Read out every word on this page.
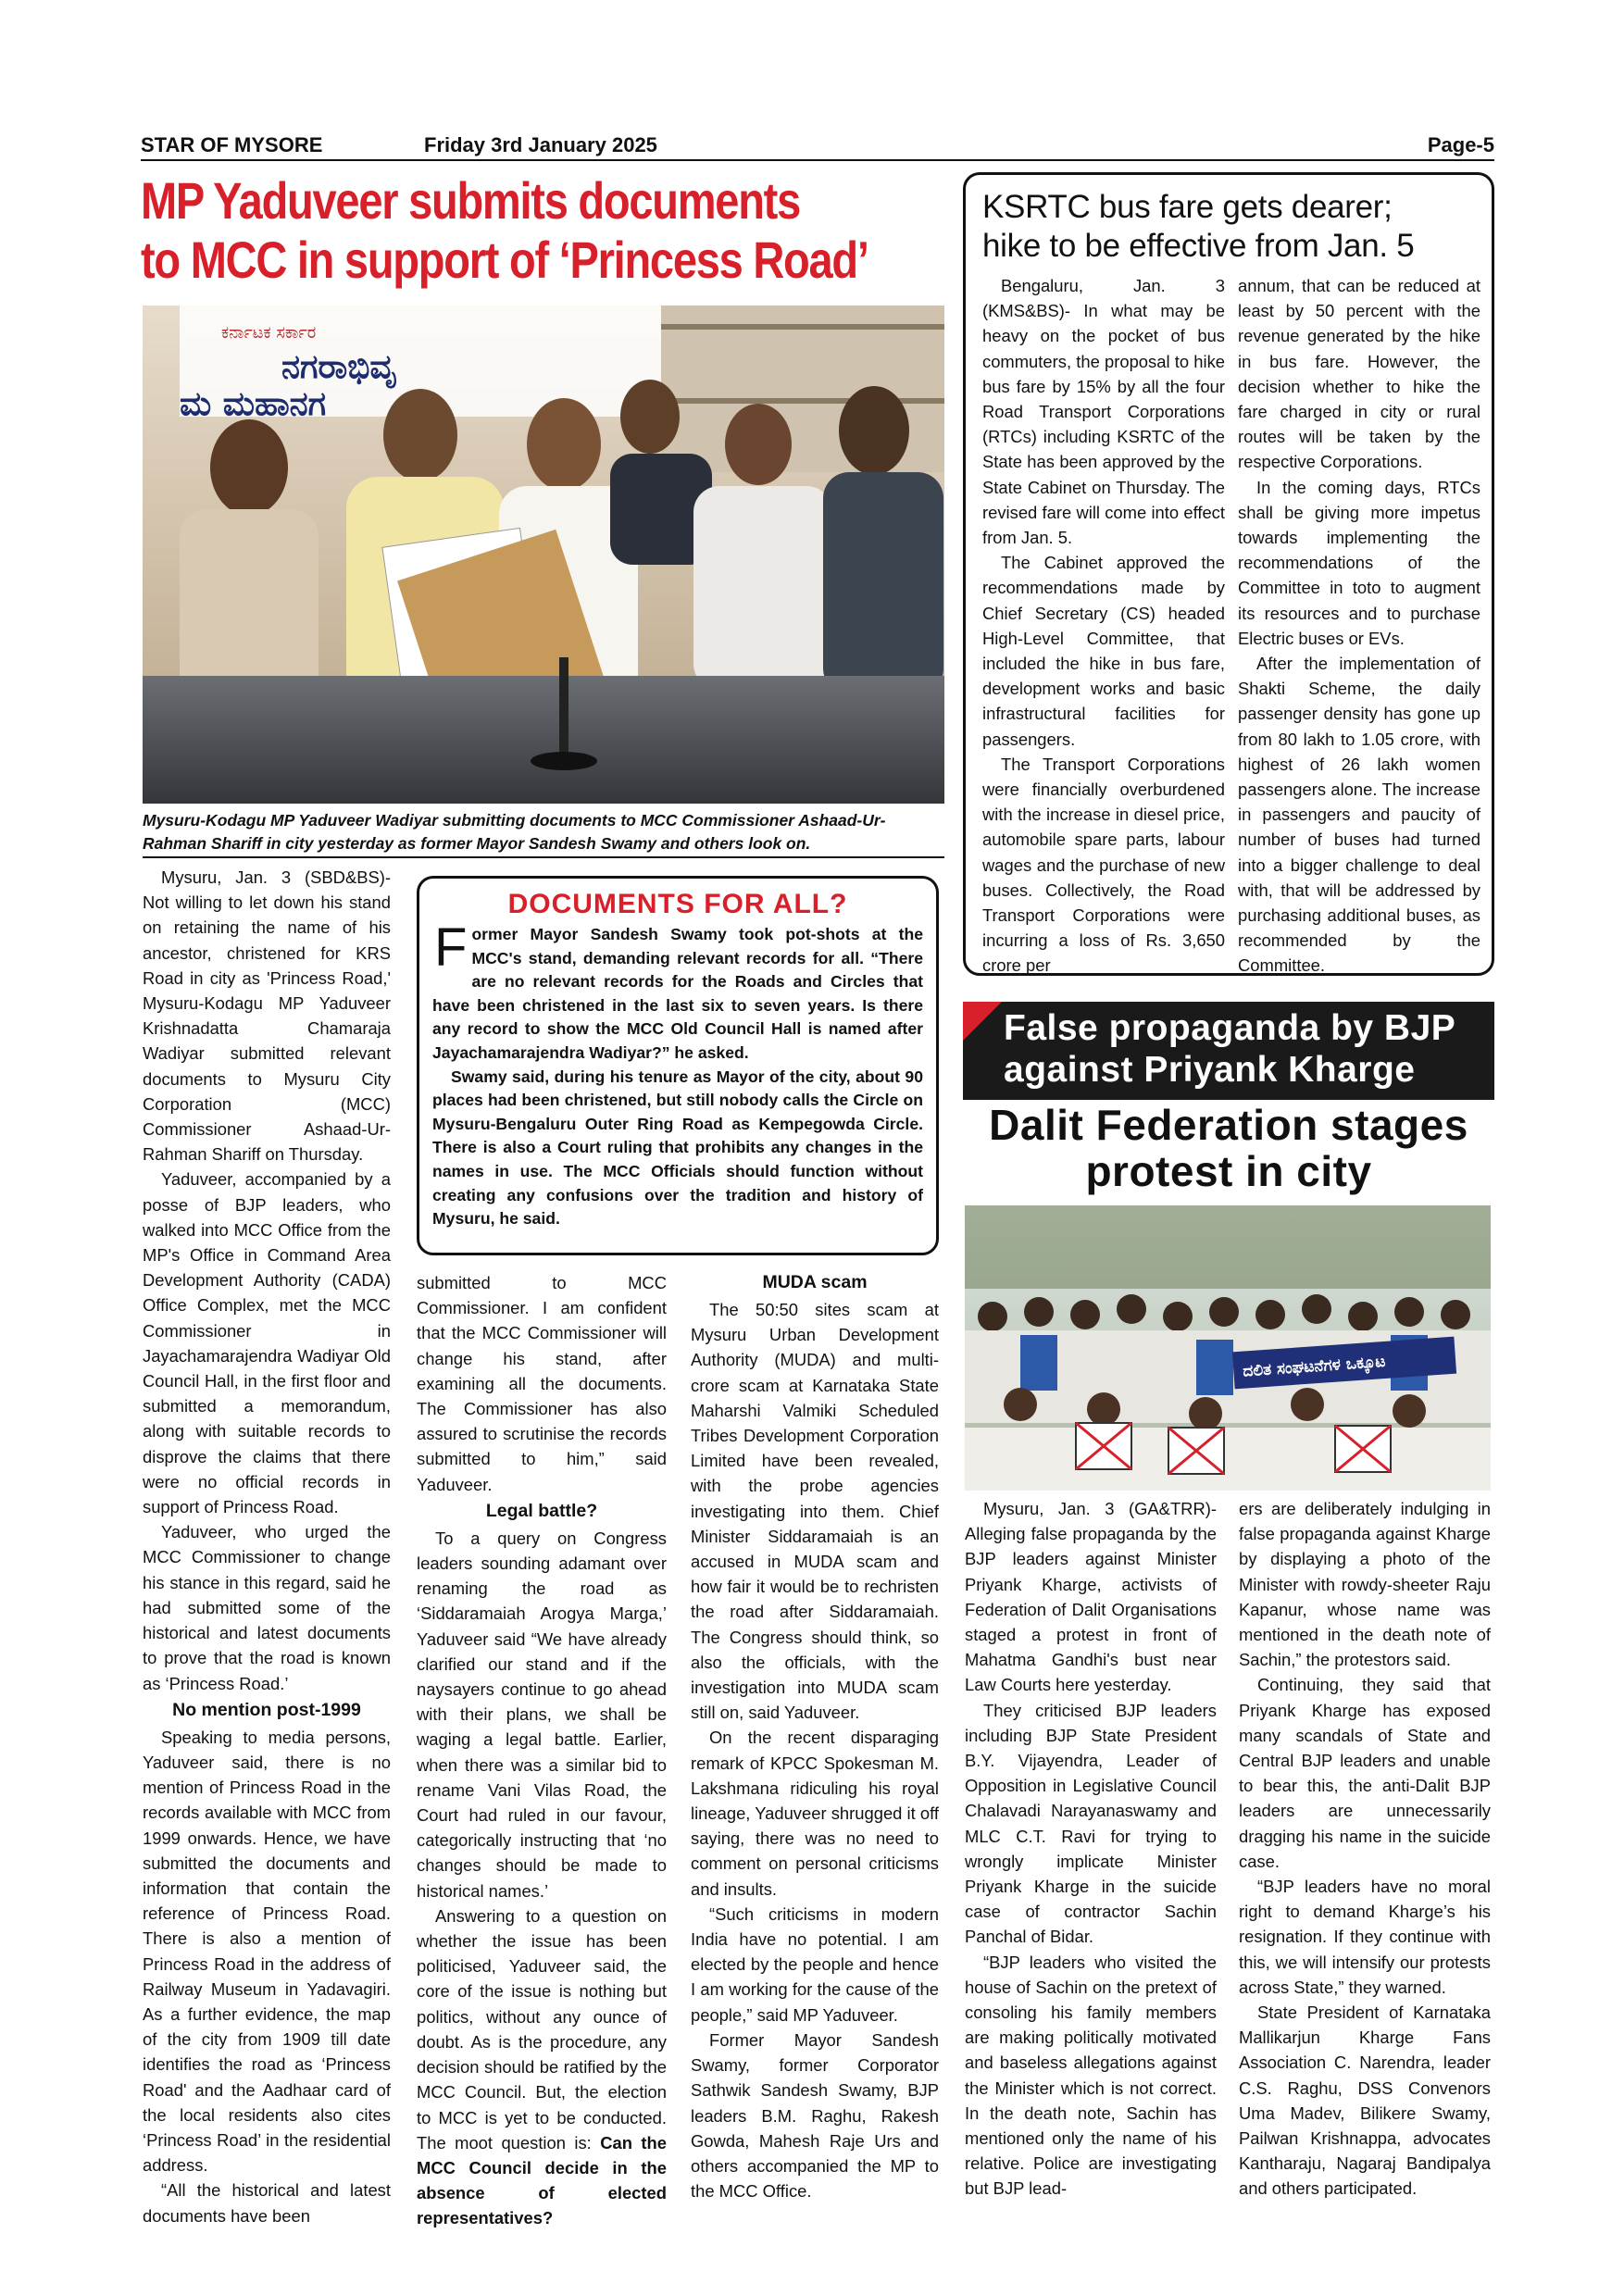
STAR OF MYSORE	Friday 3rd January 2025	Page-5
MP Yaduveer submits documents
to MCC in support of ‘Princess Road’
ಕರ್ನಾಟಕ ಸರ್ಕಾರ
ನಗರಾಭಿವೃ
ಮ ಮಹಾನಗ
Mysuru-Kodagu MP Yaduveer Wadiyar submitting documents to MCC Commissioner Ashaad-Ur-Rahman Shariff in city yesterday as former Mayor Sandesh Swamy and others look on.

Mysuru, Jan. 3 (SBD&BS)- Not willing to let down his stand on retaining the name of his ancestor, christened for KRS Road in city as 'Princess Road,' Mysuru-Kodagu MP Yaduveer Krishnadatta Chamaraja Wadiyar submitted relevant documents to Mysuru City Corporation (MCC) Commissioner Ashaad-Ur-Rahman Shariff on Thursday.

Yaduveer, accompanied by a posse of BJP leaders, who walked into MCC Office from the MP's Office in Command Area Development Authority (CADA) Office Complex, met the MCC Commissioner in Jayachamarajendra Wadiyar Old Council Hall, in the first floor and submitted a memorandum, along with suitable records to disprove the claims that there were no official records in support of Princess Road.

Yaduveer, who urged the MCC Commissioner to change his stance in this regard, said he had submitted some of the historical and latest documents to prove that the road is known as ‘Princess Road.’

No mention post-1999

Speaking to media persons, Yaduveer said, there is no mention of Princess Road in the records available with MCC from 1999 onwards. Hence, we have submitted the documents and information that contain the reference of Princess Road. There is also a mention of Princess Road in the address of Railway Museum in Yadavagiri. As a further evidence, the map of the city from 1909 till date identifies the road as ‘Princess Road' and the Aadhaar card of the local residents also cites ‘Princess Road’ in the residential address.

“All the historical and latest documents have been

DOCUMENTS FOR ALL?
F ormer Mayor Sandesh Swamy took pot-shots at the MCC's stand, demanding relevant records for all. “There are no relevant records for the Roads and Circles that have been christened in the last six to seven years. Is there any record to show the MCC Old Council Hall is named after Jayachamarajendra Wadiyar?” he asked.
Swamy said, during his tenure as Mayor of the city, about 90 places had been christened, but still nobody calls the Circle on Mysuru-Bengaluru Outer Ring Road as Kempegowda Circle. There is also a Court ruling that prohibits any changes in the names in use. The MCC Officials should function without creating any confusions over the tradition and history of Mysuru, he said.

submitted to MCC Commissioner. I am confident that the MCC Commissioner will change his stand, after examining all the documents. The Commissioner has also assured to scrutinise the records submitted to him,” said Yaduveer.

Legal battle?

To a query on Congress leaders sounding adamant over renaming the road as ‘Siddaramaiah Arogya Marga,’ Yaduveer said “We have already clarified our stand and if the naysayers continue to go ahead with their plans, we shall be waging a legal battle. Earlier, when there was a similar bid to rename Vani Vilas Road, the Court had ruled in our favour, categorically instructing that ‘no changes should be made to historical names.’

Answering to a question on whether the issue has been politicised, Yaduveer said, the core of the issue is nothing but politics, without any ounce of doubt. As is the procedure, any decision should be ratified by the MCC Council. But, the election to MCC is yet to be conducted. The moot question is: Can the MCC Council decide in the absence of elected representatives?

MUDA scam

The 50:50 sites scam at Mysuru Urban Development Authority (MUDA) and multi-crore scam at Karnataka State Maharshi Valmiki Scheduled Tribes Development Corporation Limited have been revealed, with the probe agencies investigating into them. Chief Minister Siddaramaiah is an accused in MUDA scam and how fair it would be to rechristen the road after Siddaramaiah. The Congress should think, so also the officials, with the investigation into MUDA scam still on, said Yaduveer.

On the recent disparaging remark of KPCC Spokesman M. Lakshmana ridiculing his royal lineage, Yaduveer shrugged it off saying, there was no need to comment on personal criticisms and insults.

“Such criticisms in modern India have no potential. I am elected by the people and hence I am working for the cause of the people,” said MP Yaduveer.

Former Mayor Sandesh Swamy, former Corporator Sathwik Sandesh Swamy, BJP leaders B.M. Raghu, Rakesh Gowda, Mahesh Raje Urs and others accompanied the MP to the MCC Office.

KSRTC bus fare gets dearer;
hike to be effective from Jan. 5

Bengaluru, Jan. 3 (KMS&BS)- In what may be heavy on the pocket of bus commuters, the proposal to hike bus fare by 15% by all the four Road Transport Corporations (RTCs) including KSRTC of the State has been approved by the State Cabinet on Thursday. The revised fare will come into effect from Jan. 5.

The Cabinet approved the recommendations made by Chief Secretary (CS) headed High-Level Committee, that included the hike in bus fare, development works and basic infrastructural facilities for passengers.

The Transport Corporations were financially overburdened with the increase in diesel price, automobile spare parts, labour wages and the purchase of new buses. Collectively, the Road Transport Corporations were incurring a loss of Rs. 3,650 crore per

annum, that can be reduced at least by 50 percent with the revenue generated by the hike in bus fare. However, the decision whether to hike the fare charged in city or rural routes will be taken by the respective Corporations.

In the coming days, RTCs shall be giving more impetus towards implementing the recommendations of the Committee in toto to augment its resources and to purchase Electric buses or EVs.

After the implementation of Shakti Scheme, the daily passenger density has gone up from 80 lakh to 1.05 crore, with highest of 26 lakh women passengers alone. The increase in passengers and paucity of number of buses had turned into a bigger challenge to deal with, that will be addressed by purchasing additional buses, as recommended by the Committee.

False propaganda by BJP
against Priyank Kharge
Dalit Federation stages
protest in city
ದಲಿತ ಸಂಘಟನೆಗಳ ಒಕ್ಕೂಟ

Mysuru, Jan. 3 (GA&TRR)- Alleging false propaganda by the BJP leaders against Minister Priyank Kharge, activists of Federation of Dalit Organisations staged a protest in front of Mahatma Gandhi's bust near Law Courts here yesterday.

They criticised BJP leaders including BJP State President B.Y. Vijayendra, Leader of Opposition in Legislative Council Chalavadi Narayanaswamy and MLC C.T. Ravi for trying to wrongly implicate Minister Priyank Kharge in the suicide case of contractor Sachin Panchal of Bidar.

“BJP leaders who visited the house of Sachin on the pretext of consoling his family members are making politically motivated and baseless allegations against the Minister which is not correct. In the death note, Sachin has mentioned only the name of his relative. Police are investigating but BJP lead-

ers are deliberately indulging in false propaganda against Kharge by displaying a photo of the Minister with rowdy-sheeter Raju Kapanur, whose name was mentioned in the death note of Sachin,” the protestors said.

Continuing, they said that Priyank Kharge has exposed many scandals of State and Central BJP leaders and unable to bear this, the anti-Dalit BJP leaders are unnecessarily dragging his name in the suicide case.

“BJP leaders have no moral right to demand Kharge’s his resignation. If they continue with this, we will intensify our protests across State,” they warned.

State President of Karnataka Mallikarjun Kharge Fans Association C. Narendra, leader C.S. Raghu, DSS Convenors Uma Madev, Bilikere Swamy, Pailwan Krishnappa, advocates Kantharaju, Nagaraj Bandipalya and others participated.
